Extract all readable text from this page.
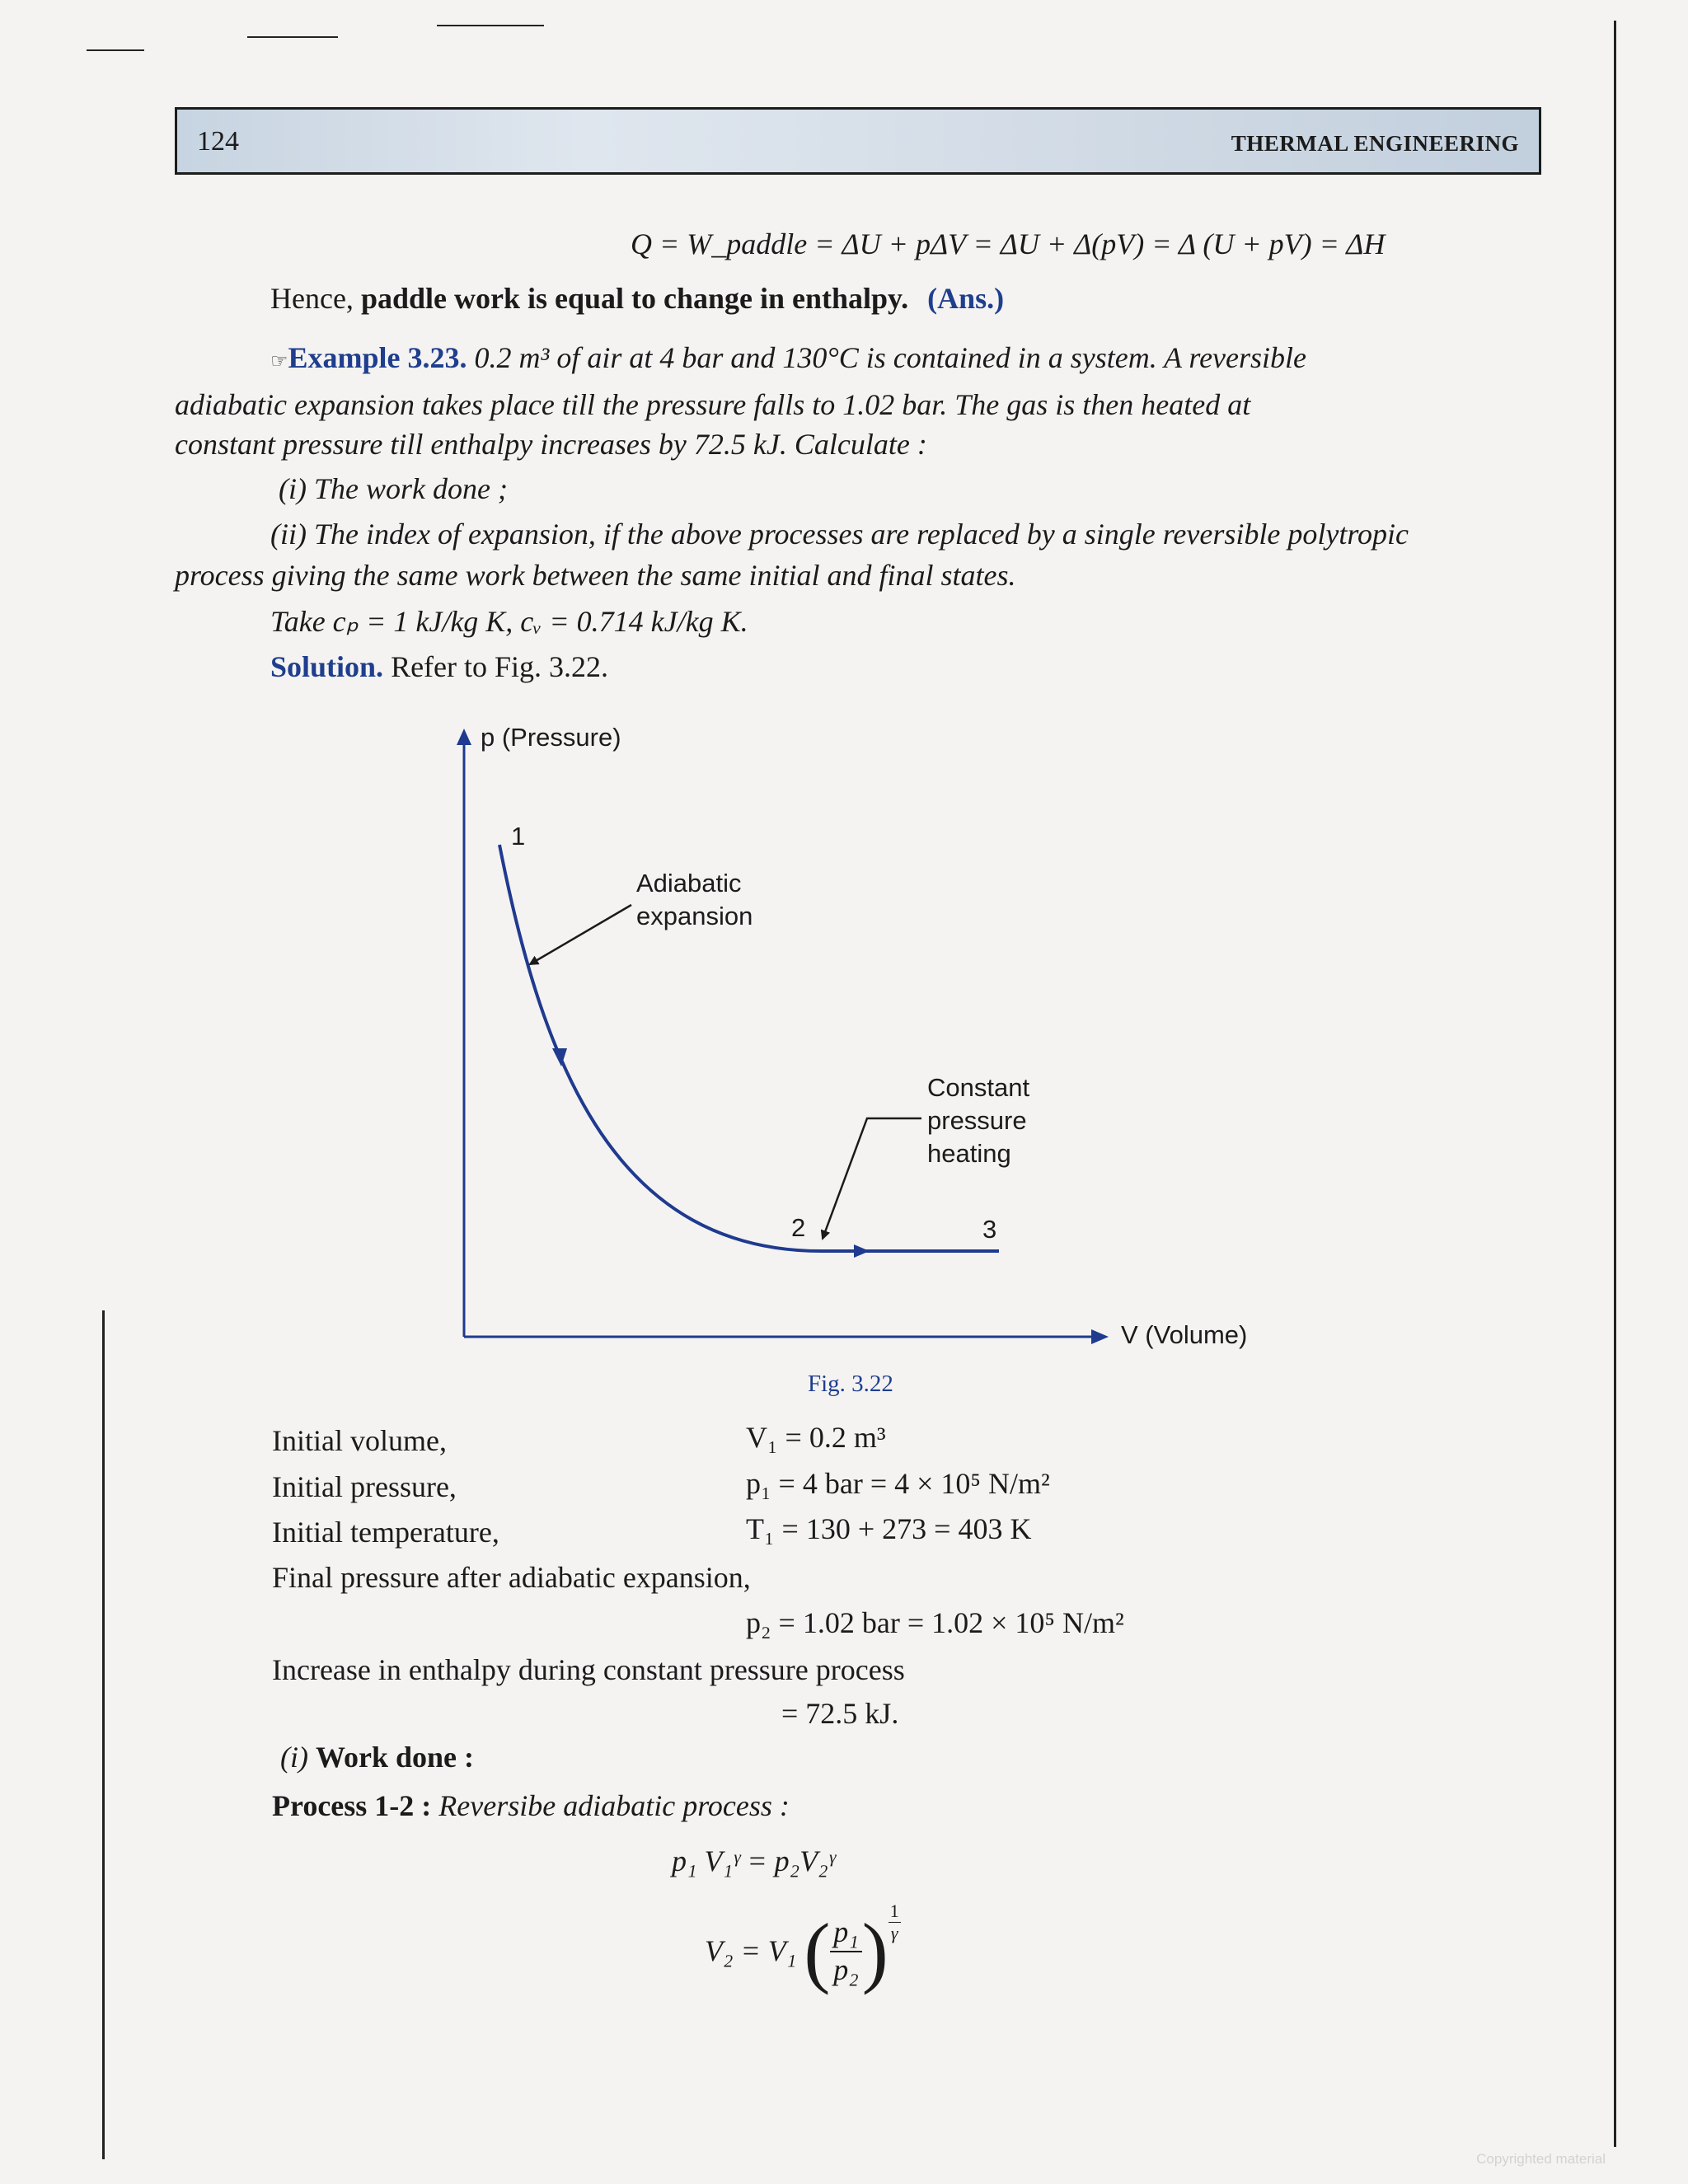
124	THERMAL ENGINEERING
Q = W_paddle = ΔU + pΔV = ΔU + Δ(pV) = Δ (U + pV) = ΔH
Hence, paddle work is equal to change in enthalpy. (Ans.)
☞Example 3.23. 0.2 m³ of air at 4 bar and 130°C is contained in a system. A reversible
adiabatic expansion takes place till the pressure falls to 1.02 bar. The gas is then heated at
constant pressure till enthalpy increases by 72.5 kJ. Calculate :
(i) The work done ;
(ii) The index of expansion, if the above processes are replaced by a single reversible polytropic
process giving the same work between the same initial and final states.
Take cₚ = 1 kJ/kg K, cᵥ = 0.714 kJ/kg K.
Solution. Refer to Fig. 3.22.
p (Pressure)
V (Volume)
1
2	3
Adiabatic
expansion
Constant
pressure
heating
Fig. 3.22
Initial volume,	V₁ = 0.2 m³
Initial pressure,	p₁ = 4 bar = 4 × 10⁵ N/m²
Initial temperature,	T₁ = 130 + 273 = 403 K
Final pressure after adiabatic expansion,
p₂ = 1.02 bar = 1.02 × 10⁵ N/m²
Increase in enthalpy during constant pressure process
= 72.5 kJ.
(i) Work done :
Process 1-2 : Reversibe adiabatic process :
p₁ V₁ᵞ = p₂V₂ᵞ
V₂ = V₁ ( $\frac{\text{p₁}}{\text{p₂}}$ ) $\frac{1}{\gamma}$
Copyrighted material
